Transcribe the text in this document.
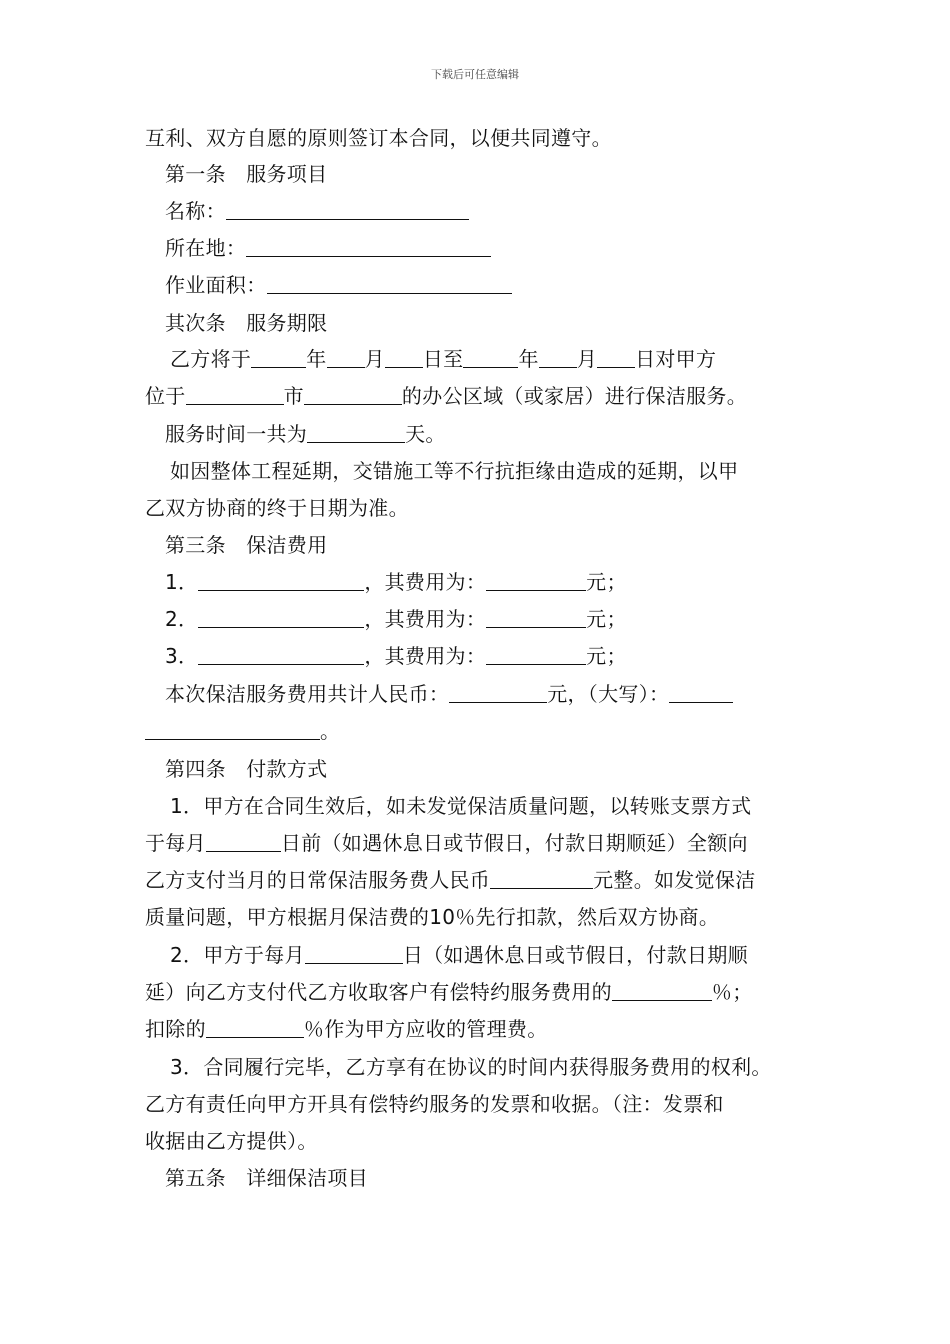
下载后可任意编辑
互利、双方自愿的原则签订本合同，以便共同遵守。
第一条　服务项目
名称：
所在地：
作业面积：
其次条　服务期限
乙方将于	年 月 日至	年 月 日对甲方
位于	市	的办公区域（或家居）进行保洁服务。
服务时间一共为	天。
如因整体工程延期，交错施工等不行抗拒缘由造成的延期，以甲
乙双方协商的终于日期为准。
第三条　保洁费用
1．	，其费用为：	元；
2．	，其费用为：	元；
3．	，其费用为：	元；
本次保洁服务费用共计人民币：	元，（大写）：
。
第四条　付款方式
1．甲方在合同生效后，如未发觉保洁质量问题，以转账支票方式
于每月	日前（如遇休息日或节假日，付款日期顺延）全额向
乙方支付当月的日常保洁服务费人民币	元整。如发觉保洁
质量问题，甲方根据月保洁费的10％先行扣款，然后双方协商。
2．甲方于每月	日（如遇休息日或节假日，付款日期顺
延）向乙方支付代乙方收取客户有偿特约服务费用的	％；
扣除的	％作为甲方应收的管理费。
3．合同履行完毕，乙方享有在协议的时间内获得服务费用的权利。
乙方有责任向甲方开具有偿特约服务的发票和收据。（注：发票和
收据由乙方提供）。
第五条　详细保洁项目
